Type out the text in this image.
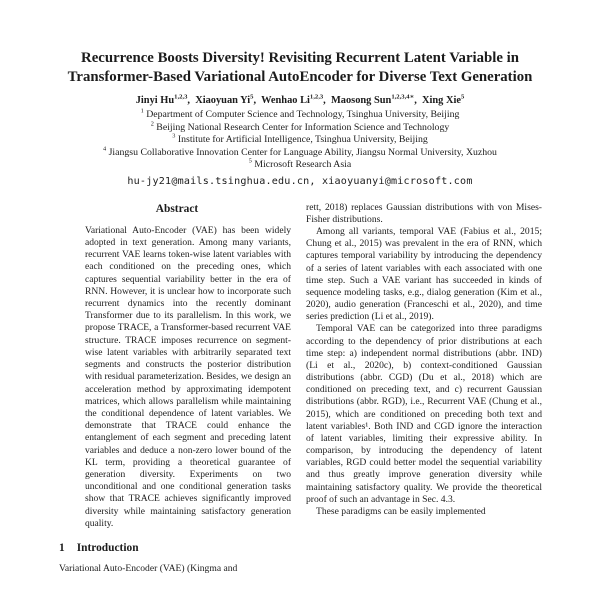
Recurrence Boosts Diversity! Revisiting Recurrent Latent Variable in
Transformer-Based Variational AutoEncoder for Diverse Text Generation
Jinyi Hu$^{1,2,3}$,  Xiaoyuan Yi$^5$,  Wenhao Li$^{1,2,3}$,  Maosong Sun$^{1,2,3,4∗}$,  Xing Xie$^5$
$^1$ Department of Computer Science and Technology, Tsinghua University, Beijing
$^2$ Beijing National Research Center for Information Science and Technology
$^3$ Institute for Artificial Intelligence, Tsinghua University, Beijing
$^4$ Jiangsu Collaborative Innovation Center for Language Ability, Jiangsu Normal University, Xuzhou
$^5$ Microsoft Research Asia
hu-jy21@mails.tsinghua.edu.cn, xiaoyuanyi@microsoft.com
Abstract
Variational Auto-Encoder (VAE) has been widely adopted in text generation. Among many variants, recurrent VAE learns token-wise latent variables with each conditioned on the preceding ones, which captures sequential variability better in the era of RNN. However, it is unclear how to incorporate such recurrent dynamics into the recently dominant Transformer due to its parallelism. In this work, we propose TRACE, a Transformer-based recurrent VAE structure. TRACE imposes recurrence on segment-wise latent variables with arbitrarily separated text segments and constructs the posterior distribution with residual parameterization. Besides, we design an acceleration method by approximating idempotent matrices, which allows parallelism while maintaining the conditional dependence of latent variables. We demonstrate that TRACE could enhance the entanglement of each segment and preceding latent variables and deduce a non-zero lower bound of the KL term, providing a theoretical guarantee of generation diversity. Experiments on two unconditional and one conditional generation tasks show that TRACE achieves significantly improved diversity while maintaining satisfactory generation quality.
1 Introduction
Variational Auto-Encoder (VAE) (Kingma and

rett, 2018) replaces Gaussian distributions with von Mises-Fisher distributions.

Among all variants, temporal VAE (Fabius et al., 2015; Chung et al., 2015) was prevalent in the era of RNN, which captures temporal variability by introducing the dependency of a series of latent variables with each associated with one time step. Such a VAE variant has succeeded in kinds of sequence modeling tasks, e.g., dialog generation (Kim et al., 2020), audio generation (Franceschi et al., 2020), and time series prediction (Li et al., 2019).

Temporal VAE can be categorized into three paradigms according to the dependency of prior distributions at each time step: a) independent normal distributions (abbr. IND) (Li et al., 2020c), b) context-conditioned Gaussian distributions (abbr. CGD) (Du et al., 2018) which are conditioned on preceding text, and c) recurrent Gaussian distributions (abbr. RGD), i.e., Recurrent VAE (Chung et al., 2015), which are conditioned on preceding both text and latent variables¹. Both IND and CGD ignore the interaction of latent variables, limiting their expressive ability. In comparison, by introducing the dependency of latent variables, RGD could better model the sequential variability and thus greatly improve generation diversity while maintaining satisfactory quality. We provide the theoretical proof of such an advantage in Sec. 4.3.

These paradigms can be easily implemented
